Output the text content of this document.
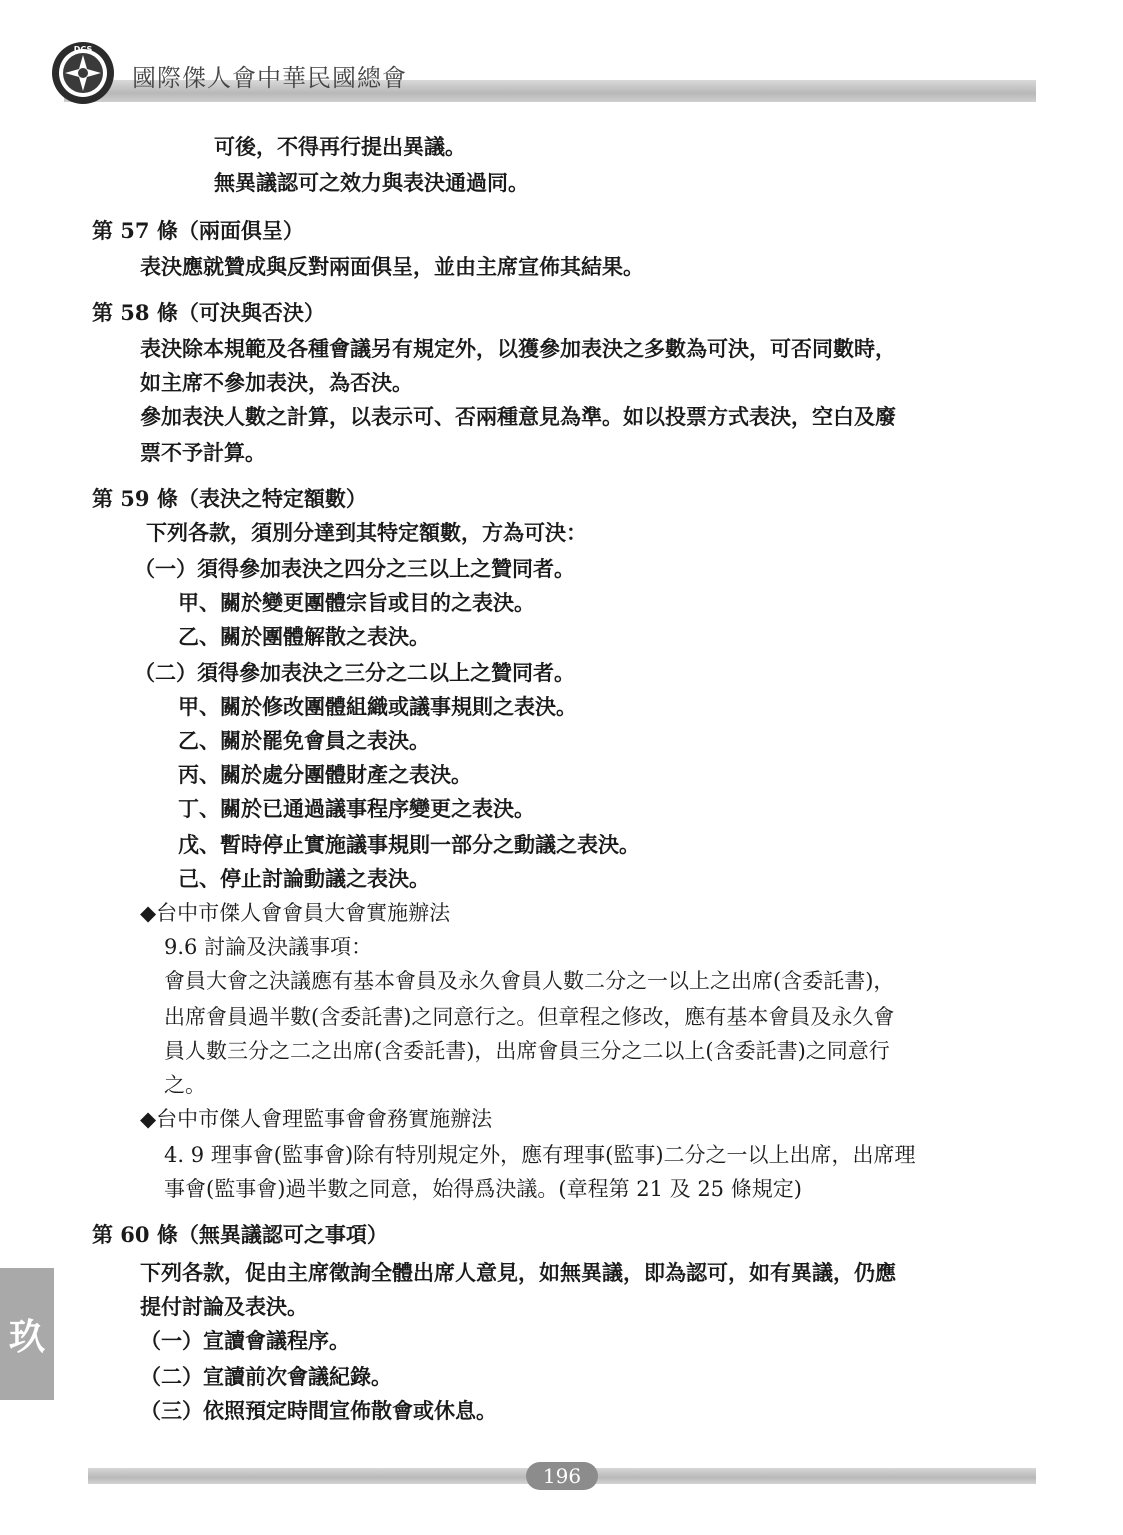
DCS
國際傑人會中華民國總會
可後，不得再行提出異議。
無異議認可之效力與表決通過同。
第 57 條（兩面俱呈）
表決應就贊成與反對兩面俱呈，並由主席宣佈其結果。
第 58 條（可決與否決）
表決除本規範及各種會議另有規定外，以獲參加表決之多數為可決，可否同數時，
如主席不參加表決，為否決。
參加表決人數之計算，以表示可、否兩種意見為準。如以投票方式表決，空白及廢
票不予計算。
第 59 條（表決之特定額數）
下列各款，須別分達到其特定額數，方為可決：
（一）須得參加表決之四分之三以上之贊同者。
甲、關於變更團體宗旨或目的之表決。
乙、關於團體解散之表決。
（二）須得參加表決之三分之二以上之贊同者。
甲、關於修改團體組織或議事規則之表決。
乙、關於罷免會員之表決。
丙、關於處分團體財產之表決。
丁、關於已通過議事程序變更之表決。
戊、暫時停止實施議事規則一部分之動議之表決。
己、停止討論動議之表決。
◆台中市傑人會會員大會實施辦法
9.6 討論及決議事項：
會員大會之決議應有基本會員及永久會員人數二分之一以上之出席(含委託書)，
出席會員過半數(含委託書)之同意行之。但章程之修改，應有基本會員及永久會
員人數三分之二之出席(含委託書)，出席會員三分之二以上(含委託書)之同意行
之。
◆台中市傑人會理監事會會務實施辦法
4. 9 理事會(監事會)除有特別規定外，應有理事(監事)二分之一以上出席，出席理
事會(監事會)過半數之同意，始得爲決議。(章程第 21 及 25 條規定)
第 60 條（無異議認可之事項）
下列各款，促由主席徵詢全體出席人意見，如無異議，即為認可，如有異議，仍應
提付討論及表決。
（一）宣讀會議程序。
（二）宣讀前次會議紀錄。
（三）依照預定時間宣佈散會或休息。
玖
196
